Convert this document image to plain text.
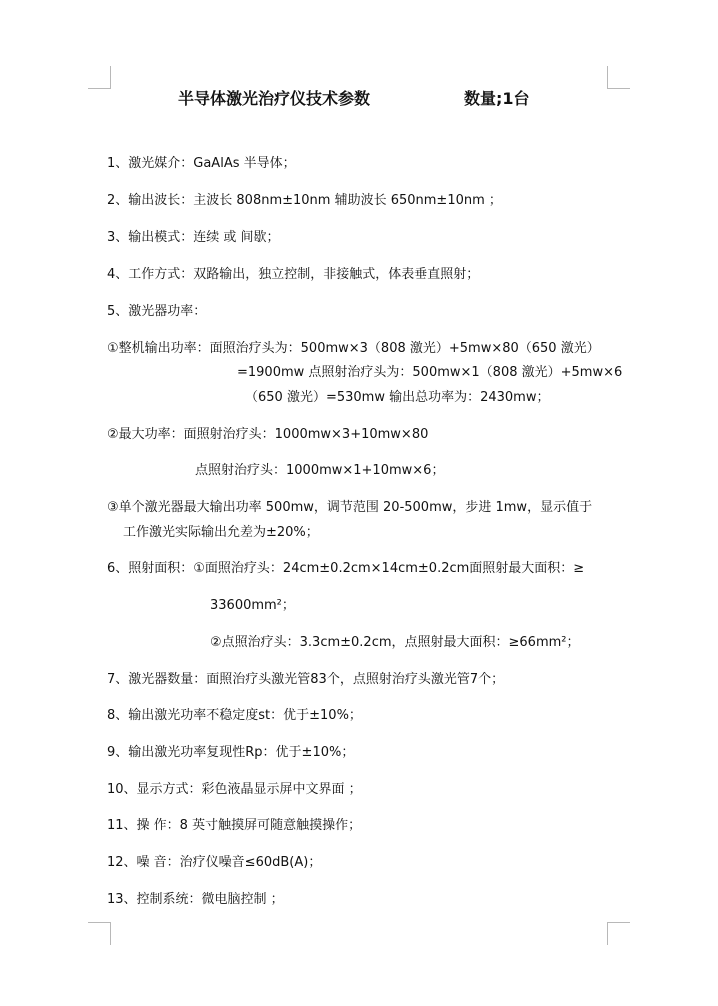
半导体激光治疗仪技术参数	数量;1台
1、激光媒介：GaAlAs 半导体；
2、输出波长：主波长 808nm±10nm 辅助波长 650nm±10nm ；
3、输出模式：连续 或 间歇；
4、工作方式：双路输出，独立控制，非接触式，体表垂直照射；
5、激光器功率：
①整机输出功率：面照治疗头为：500mw×3（808 激光）+5mw×80（650 激光）
=1900mw 点照射治疗头为：500mw×1（808 激光）+5mw×6
（650 激光）=530mw 输出总功率为：2430mw；
②最大功率：面照射治疗头：1000mw×3+10mw×80
点照射治疗头：1000mw×1+10mw×6；
③单个激光器最大输出功率 500mw，调节范围 20-500mw，步进 1mw，显示值于
工作激光实际输出允差为±20%；
6、照射面积：①面照治疗头：24cm±0.2cm×14cm±0.2cm面照射最大面积：≥
33600mm²；
②点照治疗头：3.3cm±0.2cm，点照射最大面积：≥66mm²；
7、激光器数量：面照治疗头激光管83个，点照射治疗头激光管7个；
8、输出激光功率不稳定度st：优于±10%；
9、输出激光功率复现性Rp：优于±10%；
10、显示方式：彩色液晶显示屏中文界面 ；
11、操 作：8 英寸触摸屏可随意触摸操作；
12、噪 音：治疗仪噪音≤60dB(A)；
13、控制系统：微电脑控制 ；
